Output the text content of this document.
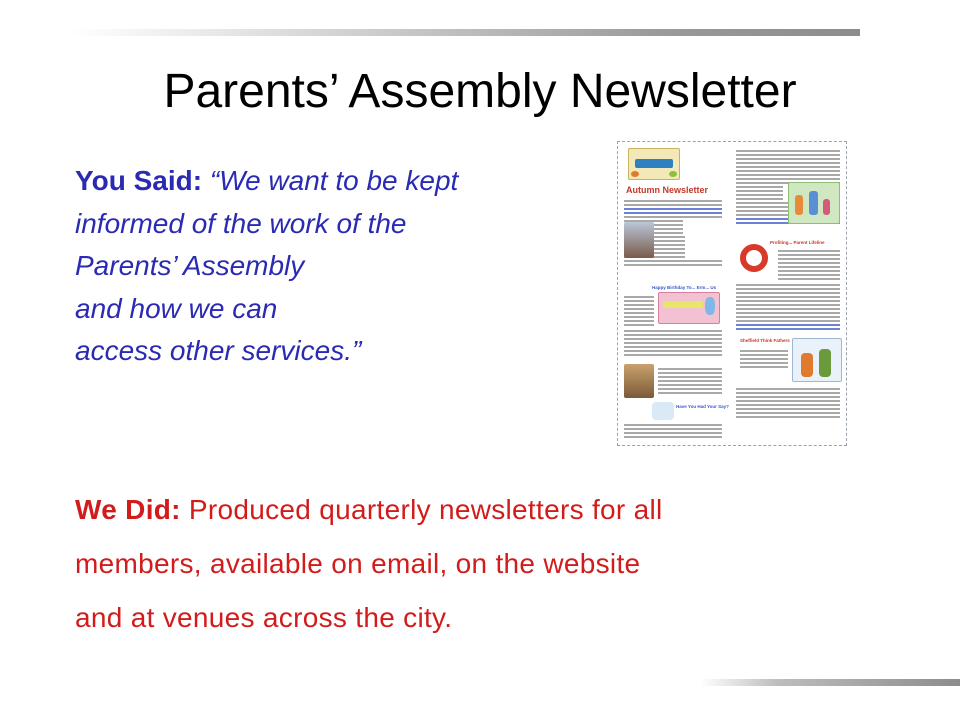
Parents’ Assembly Newsletter
You Said: “We want to be kept
informed of the work of the
Parents’ Assembly
and how we can
access other services.”
We Did: Produced quarterly newsletters for all
members, available on email, on the website
and at venues across the city.
Autumn Newsletter
Happy Birthday To... Erm... Us
Have You Had Your Say?
Profiting... Parent Lifeline
Sheffield Think Fathers
